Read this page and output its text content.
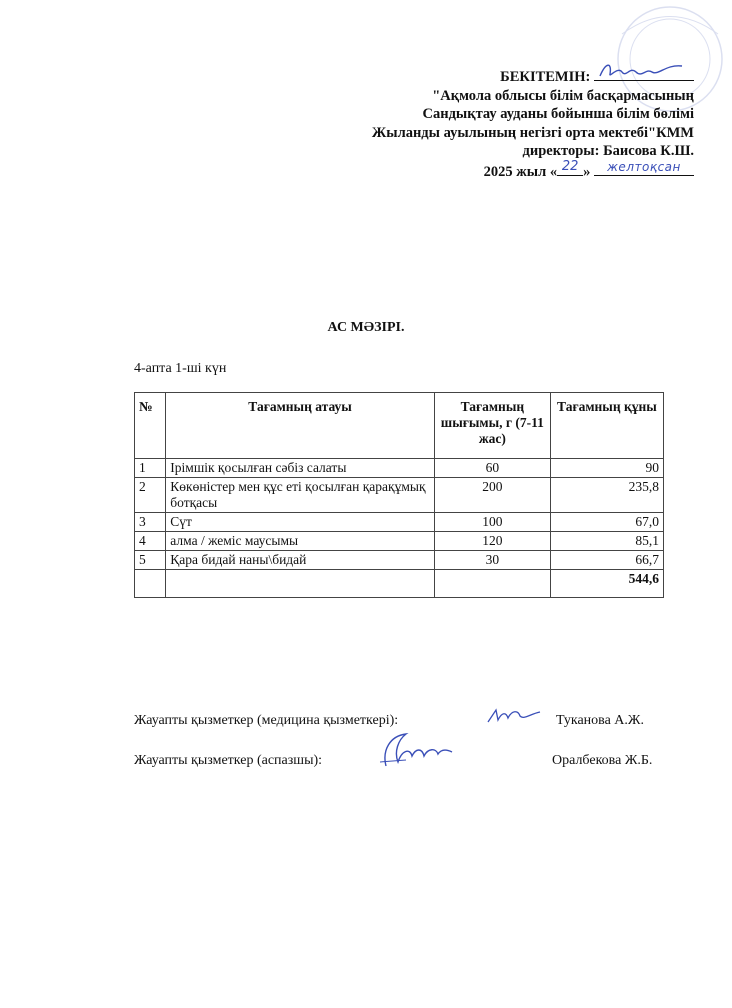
БЕКІТЕМІН:
"Ақмола облысы білім басқармасының
Сандықтау ауданы бойынша білім бөлімі
Жыланды ауылының негізгі орта мектебі"КММ
директоры: Баисова К.Ш.
2025 жыл « 22 »	желтоқсан
АС МӘЗІРІ.
4-апта 1-ші күн
№	Тағамның атауы	Тағамның шығымы, г (7-11 жас)	Тағамның құны
1	Ірімшік қосылған сәбіз салаты	60	90
2	Көкөністер мен құс еті қосылған қарақұмық ботқасы	200	235,8
3	Сүт	100	67,0
4	алма / жеміс маусымы	120	85,1
5	Қара бидай наны\бидай	30	66,7
			544,6
Жауапты қызметкер (медицина қызметкері):	Туканова А.Ж.
Жауапты қызметкер (аспазшы):	Оралбекова Ж.Б.
